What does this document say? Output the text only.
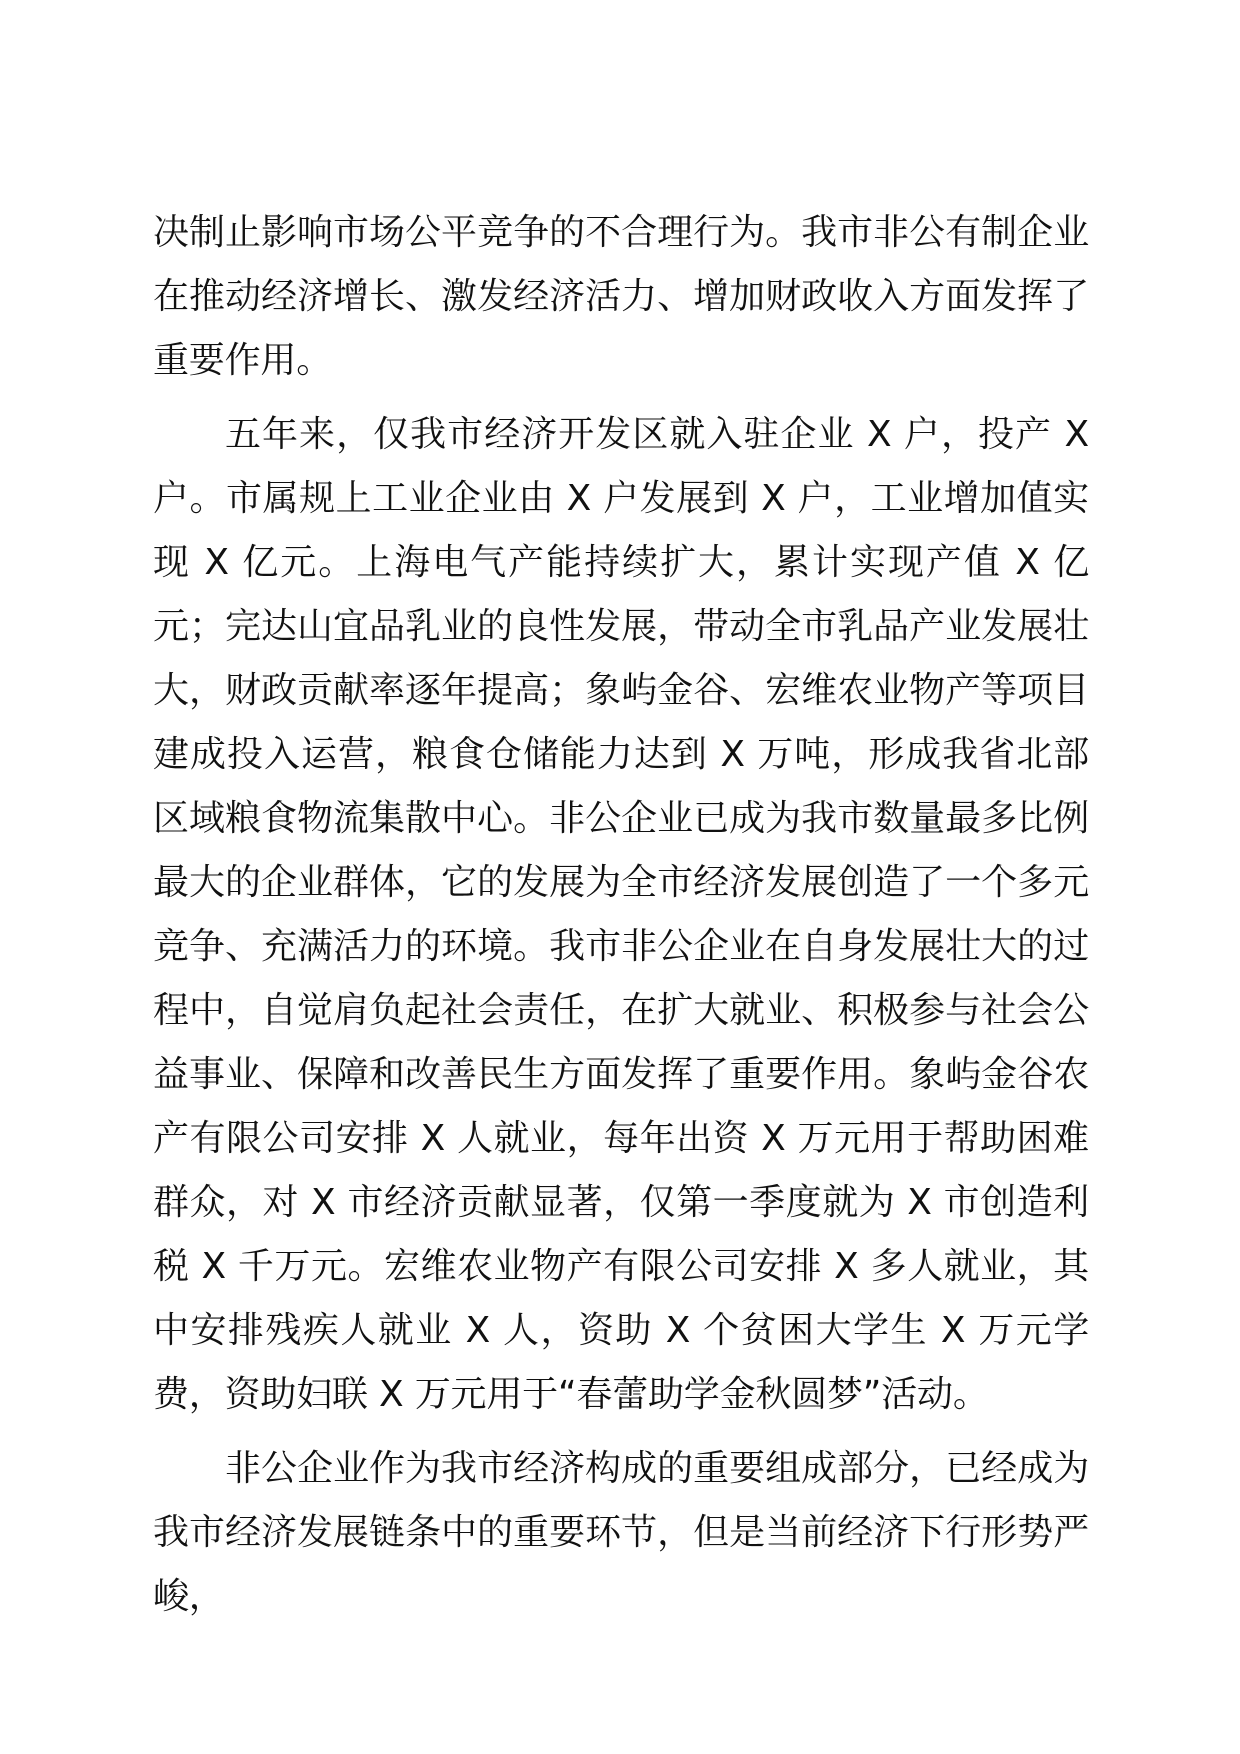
决制止影响市场公平竞争的不合理行为。我市非公有制企业在推动经济增长、激发经济活力、增加财政收入方面发挥了重要作用。

五年来，仅我市经济开发区就入驻企业 X 户，投产 X 户。市属规上工业企业由 X 户发展到 X 户，工业增加值实现 X 亿元。上海电气产能持续扩大，累计实现产值 X 亿元；完达山宜品乳业的良性发展，带动全市乳品产业发展壮大，财政贡献率逐年提高；象屿金谷、宏维农业物产等项目建成投入运营，粮食仓储能力达到 X 万吨，形成我省北部区域粮食物流集散中心。非公企业已成为我市数量最多比例最大的企业群体，它的发展为全市经济发展创造了一个多元竞争、充满活力的环境。我市非公企业在自身发展壮大的过程中，自觉肩负起社会责任，在扩大就业、积极参与社会公益事业、保障和改善民生方面发挥了重要作用。象屿金谷农产有限公司安排 X 人就业，每年出资 X 万元用于帮助困难群众，对 X 市经济贡献显著，仅第一季度就为 X 市创造利税 X 千万元。宏维农业物产有限公司安排 X 多人就业，其中安排残疾人就业 X 人，资助 X 个贫困大学生 X 万元学费，资助妇联 X 万元用于“春蕾助学金秋圆梦”活动。

非公企业作为我市经济构成的重要组成部分，已经成为我市经济发展链条中的重要环节，但是当前经济下行形势严峻，
